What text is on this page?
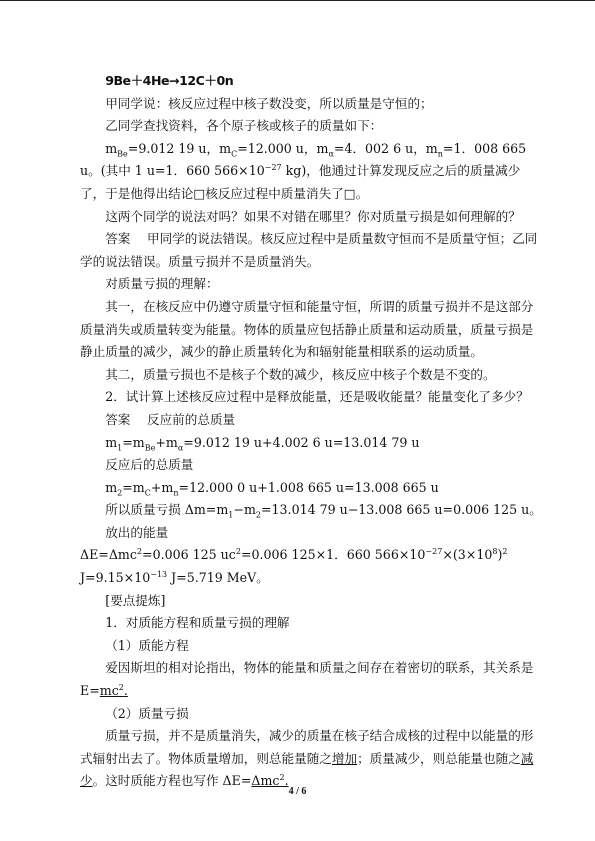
9Be＋4He→12C＋0n

甲同学说：核反应过程中核子数没变，所以质量是守恒的；

乙同学查找资料，各个原子核或核子的质量如下：

$m_{Be}=9.012$ 19 u，$m_C=12.000$ u，$m_\alpha=4$．002 6 u，$m_n=1$．008 665 u。(其中 1 u=1．660 $566\times 10^{-27}$ kg)，他通过计算发现反应之后的质量减少了，于是他得出结论□核反应过程中质量消失了□。

这两个同学的说法对吗？如果不对错在哪里？你对质量亏损是如何理解的？

答案　 甲同学的说法错误。核反应过程中是质量数守恒而不是质量守恒；乙同学的说法错误。质量亏损并不是质量消失。

对质量亏损的理解：

其一，在核反应中仍遵守质量守恒和能量守恒，所谓的质量亏损并不是这部分质量消失或质量转变为能量。物体的质量应包括静止质量和运动质量，质量亏损是静止质量的减少，减少的静止质量转化为和辐射能量相联系的运动质量。

其二，质量亏损也不是核子个数的减少，核反应中核子个数是不变的。

2．试计算上述核反应过程中是释放能量，还是吸收能量？能量变化了多少？

答案　 反应前的总质量

$m_1=m_{Be}+m_\alpha=9.012$ 19 u+4.002 6 u=13.014 79 u

反应后的总质量

$m_2=m_C+m_n=12.000$ 0 u+1.008 665 u=13.008 665 u

所以质量亏损 $\Delta m=m_1-m_2=13.014$ 79 u−13.008 665 u=0.006 125 u。

放出的能量

ΔE=Δmc$^2$=0.006 125 $uc^2=0.006$ 125×1．660 $566\times 10^{-27}\times(3\times 10^8)^2$ $J=9.15\times 10^{-13}$ J=5.719 MeV。

[要点提炼]

1．对质能方程和质量亏损的理解

（1）质能方程

爱因斯坦的相对论指出，物体的能量和质量之间存在着密切的联系，其关系是 $E=mc^2$.

（2）质量亏损

质量亏损，并不是质量消失，减少的质量在核子结合成核的过程中以能量的形式辐射出去了。物体质量增加，则总能量随之增加；质量减少，则总能量也随之减少。这时质能方程也写作 ΔE=Δmc$^2$.

4 / 6
